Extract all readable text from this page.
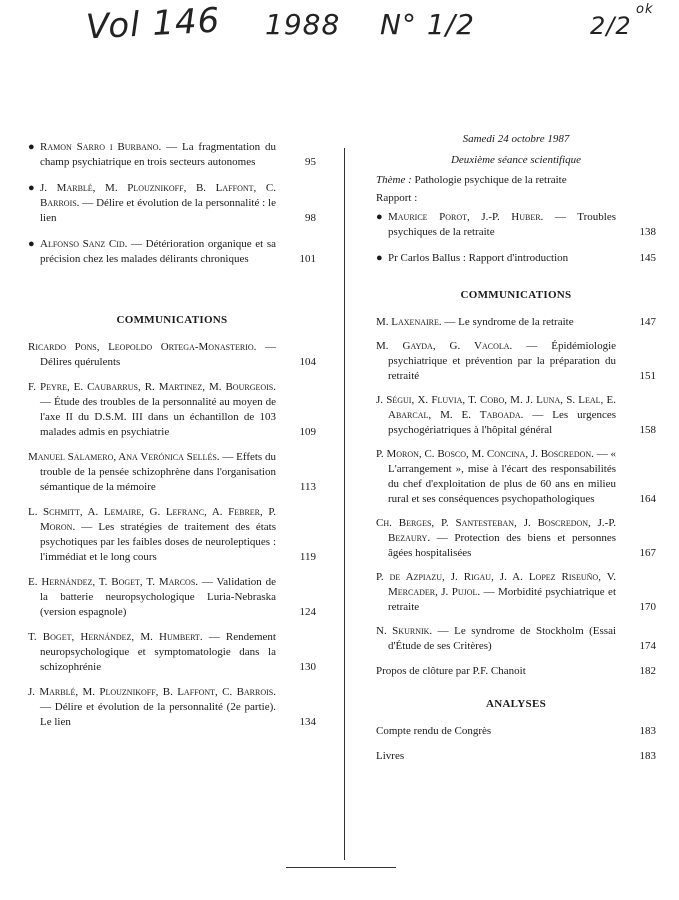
Vol 146 1988 N° 1/2	2/2
ok
● Ramon Sarro i Burbano. — La fragmentation du champ psychiatrique en trois secteurs autonomes	95
● J. Marblé, M. Plouznikoff, B. Laffont, C. Barrois. — Délire et évolution de la personnalité : le lien	98
● Alfonso Sanz Cid. — Détérioration organique et sa précision chez les malades délirants chroniques	101
COMMUNICATIONS
Ricardo Pons, Leopoldo Ortega-Monasterio. — Délires quérulents	104
F. Peyre, E. Caubarrus, R. Martinez, M. Bourgeois. — Étude des troubles de la personnalité au moyen de l'axe II du D.S.M. III dans un échantillon de 103 malades admis en psychiatrie	109
Manuel Salamero, Ana Verónica Sellés. — Effets du trouble de la pensée schizophrène dans l'organisation sémantique de la mémoire	113
L. Schmitt, A. Lemaire, G. Lefranc, A. Febrer, P. Moron. — Les stratégies de traitement des états psychotiques par les faibles doses de neuroleptiques : l'immédiat et le long cours	119
E. Hernández, T. Boget, T. Marcos. — Validation de la batterie neuropsychologique Luria-Nebraska (version espagnole)	124
T. Boget, Hernández, M. Humbert. — Rendement neuropsychologique et symptomatologie dans la schizophrénie	130
J. Marblé, M. Plouznikoff, B. Laffont, C. Barrois. — Délire et évolution de la personnalité (2e partie). Le lien	134
Samedi 24 octobre 1987
Deuxième séance scientifique
Thème : Pathologie psychique de la retraite
Rapport :
● Maurice Porot, J.-P. Huber. — Troubles psychiques de la retraite	138
● Pr Carlos Ballus : Rapport d'introduction	145
COMMUNICATIONS
M. Laxenaire. — Le syndrome de la retraite	147
M. Gayda, G. Vacola. — Épidémiologie psychiatrique et prévention par la préparation du retraité	151
J. Ségui, X. Fluvia, T. Cobo, M. J. Luna, S. Leal, E. Abarcal, M. E. Taboada. — Les urgences psychogériatriques à l'hôpital général	158
P. Moron, C. Bosco, M. Concina, J. Boscredon. — « L'arrangement », mise à l'écart des responsabilités du chef d'exploitation de plus de 60 ans en milieu rural et ses conséquences psychopathologiques	164
Ch. Berges, P. Santesteban, J. Boscredon, J.-P. Bezaury. — Protection des biens et personnes âgées hospitalisées	167
P. de Azpiazu, J. Rigau, J. A. Lopez Riseuño, V. Mercader, J. Pujol. — Morbidité psychiatrique et retraite	170
N. Skurnik. — Le syndrome de Stockholm (Essai d'Étude de ses Critères)	174
Propos de clôture par P.F. Chanoit	182
ANALYSES
Compte rendu de Congrès	183
Livres	183
